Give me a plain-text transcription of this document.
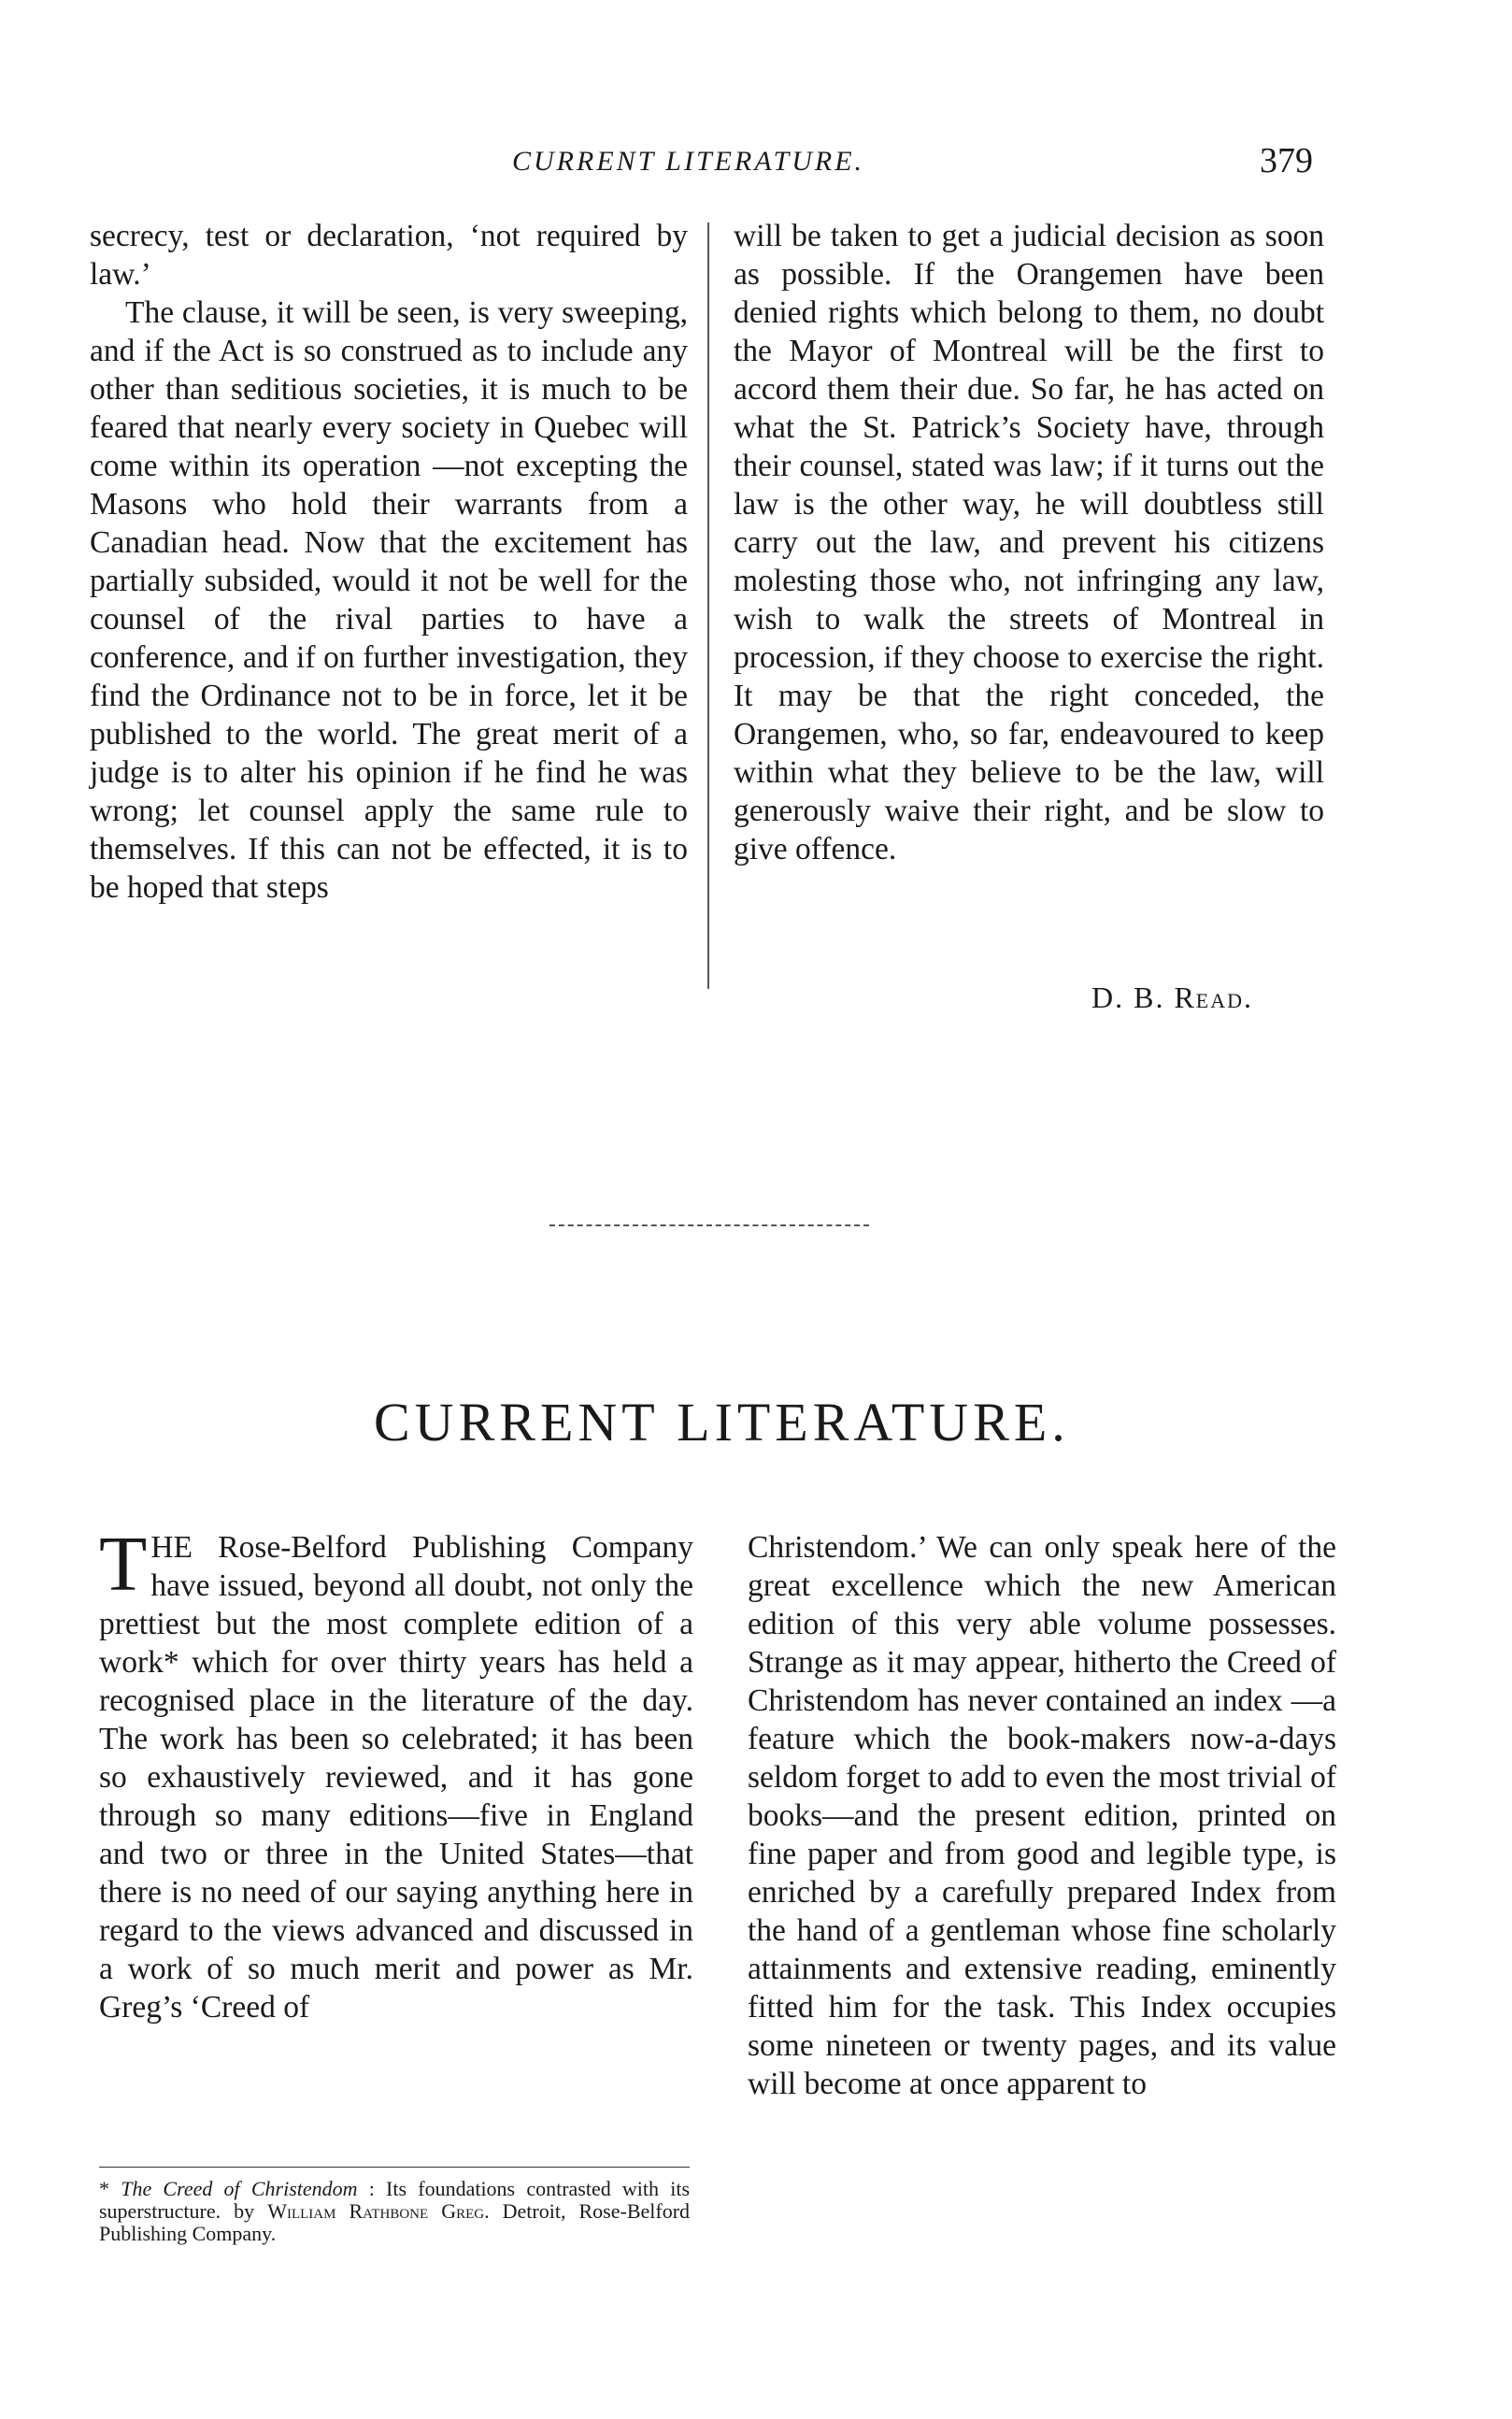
CURRENT LITERATURE.	379

secrecy, test or declaration, ‘not required by law.’

The clause, it will be seen, is very sweeping, and if the Act is so construed as to include any other than seditious societies, it is much to be feared that nearly every society in Quebec will come within its operation —not excepting the Masons who hold their warrants from a Canadian head. Now that the excitement has partially subsided, would it not be well for the counsel of the rival parties to have a conference, and if on further investigation, they find the Ordinance not to be in force, let it be published to the world. The great merit of a judge is to alter his opinion if he find he was wrong; let counsel apply the same rule to themselves. If this can not be effected, it is to be hoped that steps

will be taken to get a judicial decision as soon as possible. If the Orangemen have been denied rights which belong to them, no doubt the Mayor of Montreal will be the first to accord them their due. So far, he has acted on what the St. Patrick’s Society have, through their counsel, stated was law; if it turns out the law is the other way, he will doubtless still carry out the law, and prevent his citizens molesting those who, not infringing any law, wish to walk the streets of Montreal in procession, if they choose to exercise the right. It may be that the right conceded, the Orangemen, who, so far, endeavoured to keep within what they believe to be the law, will generously waive their right, and be slow to give offence.

D. B. Read.
CURRENT LITERATURE.

THE Rose-Belford Publishing Company have issued, beyond all doubt, not only the prettiest but the most complete edition of a work* which for over thirty years has held a recognised place in the literature of the day. The work has been so celebrated; it has been so exhaustively reviewed, and it has gone through so many editions—five in England and two or three in the United States—that there is no need of our saying anything here in regard to the views advanced and discussed in a work of so much merit and power as Mr. Greg’s ‘Creed of

Christendom.’ We can only speak here of the great excellence which the new American edition of this very able volume possesses. Strange as it may appear, hitherto the Creed of Christendom has never contained an index —a feature which the book-makers now-a-days seldom forget to add to even the most trivial of books—and the present edition, printed on fine paper and from good and legible type, is enriched by a carefully prepared Index from the hand of a gentleman whose fine scholarly attainments and extensive reading, eminently fitted him for the task. This Index occupies some nineteen or twenty pages, and its value will become at once apparent to

* The Creed of Christendom : Its foundations contrasted with its superstructure. by William Rathbone Greg. Detroit, Rose-Belford Publishing Company.
